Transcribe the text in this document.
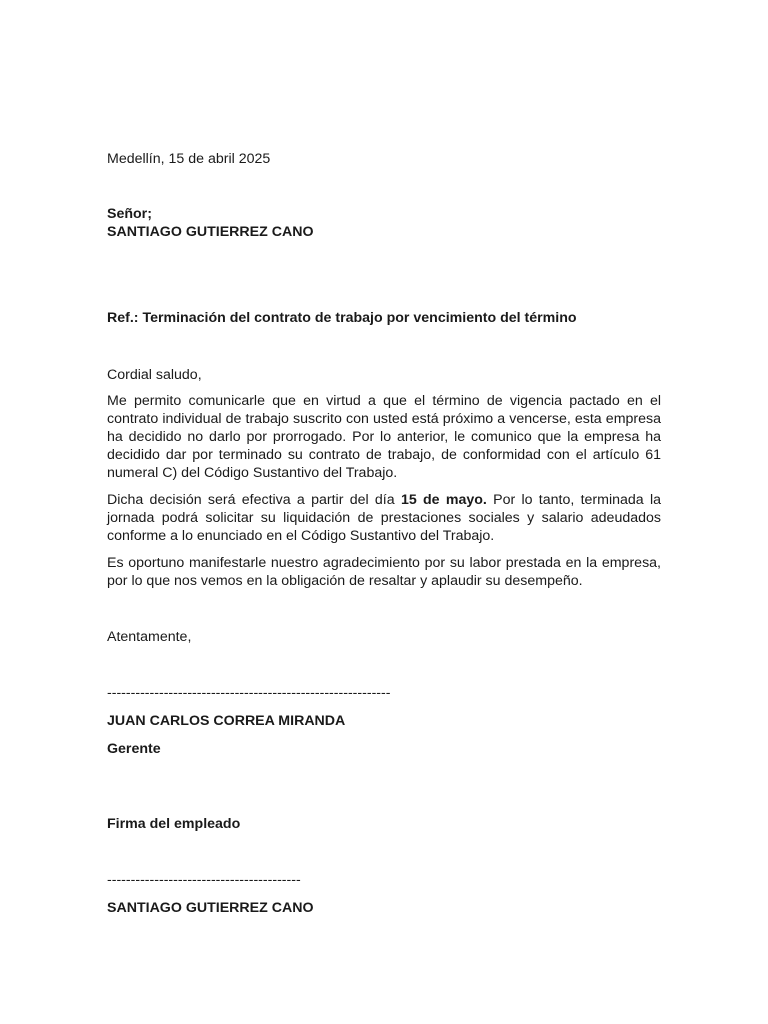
Medellín, 15 de abril 2025

Señor;

SANTIAGO GUTIERREZ CANO

Ref.: Terminación del contrato de trabajo por vencimiento del término

Cordial saludo,

Me permito comunicarle que en virtud a que el término de vigencia pactado en el contrato individual de trabajo suscrito con usted está próximo a vencerse, esta empresa ha decidido no darlo por prorrogado. Por lo anterior, le comunico que la empresa ha decidido dar por terminado su contrato de trabajo, de conformidad con el artículo 61 numeral C) del Código Sustantivo del Trabajo.

Dicha decisión será efectiva a partir del día 15 de mayo. Por lo tanto, terminada la jornada podrá solicitar su liquidación de prestaciones sociales y salario adeudados conforme a lo enunciado en el Código Sustantivo del Trabajo.

Es oportuno manifestarle nuestro agradecimiento por su labor prestada en la empresa, por lo que nos vemos en la obligación de resaltar y aplaudir su desempeño.

Atentamente,

------------------------------------------------------------

JUAN CARLOS CORREA MIRANDA

Gerente

Firma del empleado

-----------------------------------------

SANTIAGO GUTIERREZ CANO
